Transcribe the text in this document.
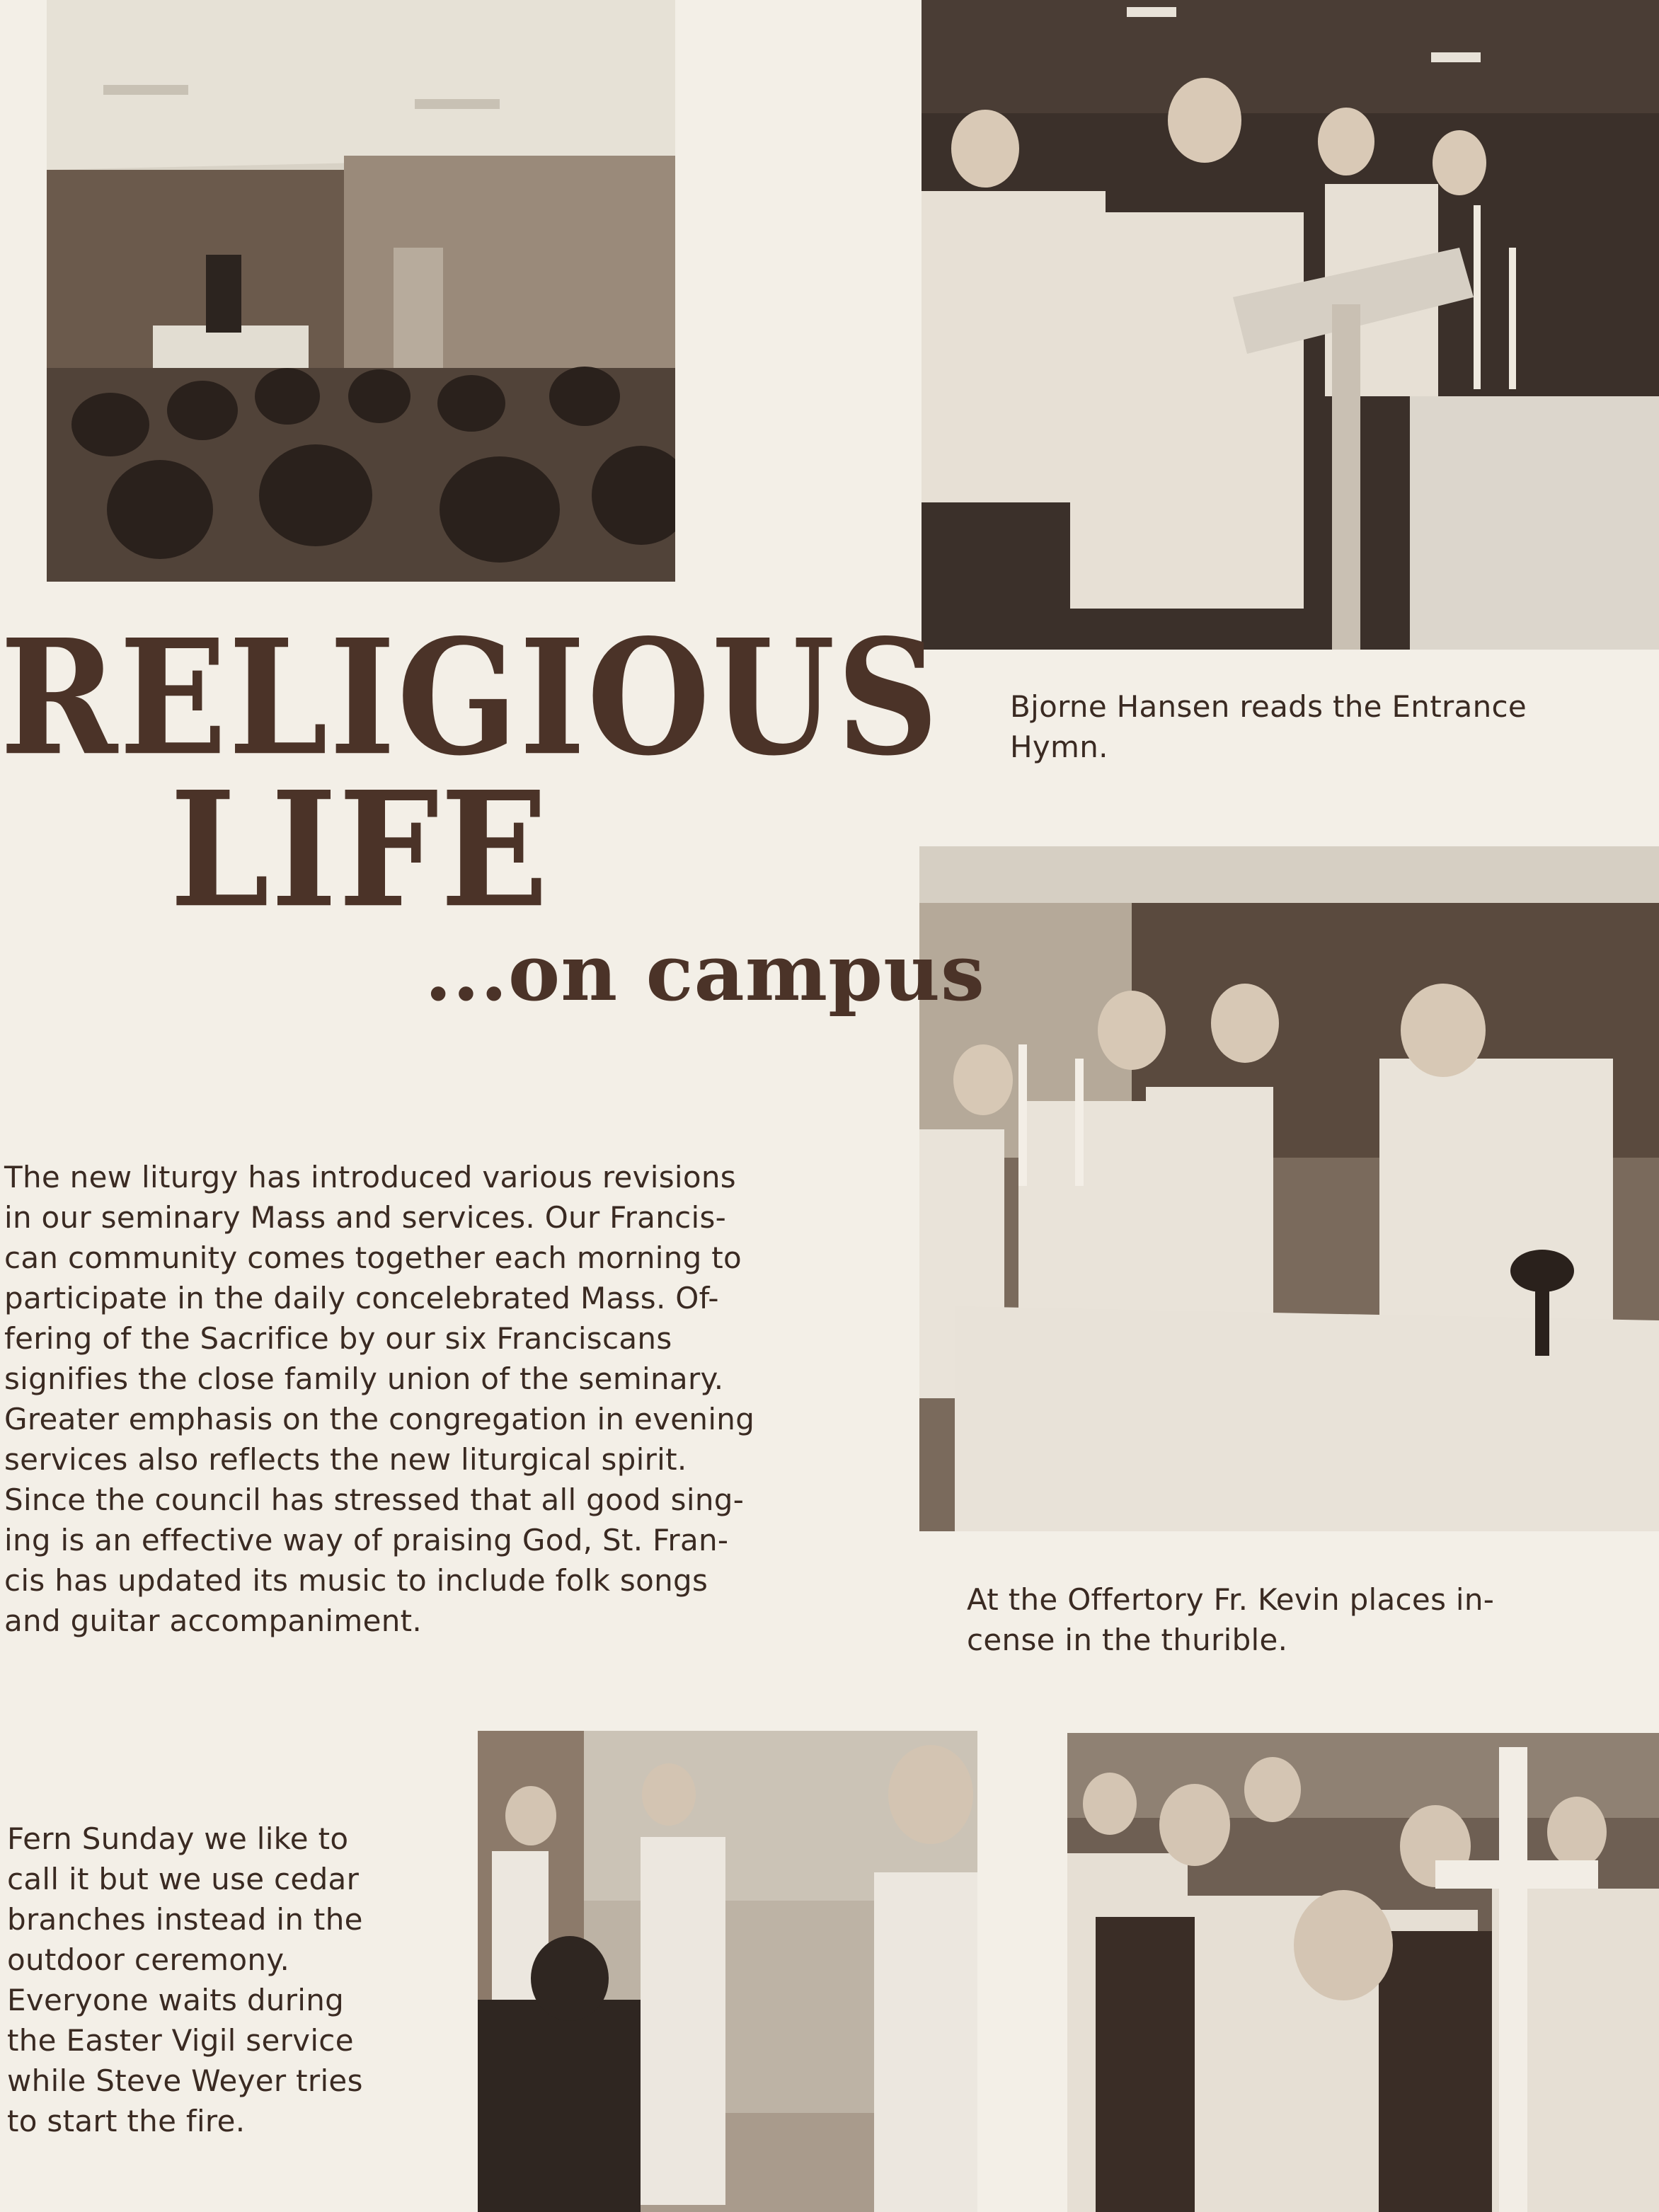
RELIGIOUS
LIFE
...on campus
The new liturgy has introduced various revisions
in our seminary Mass and services. Our Francis-
can community comes together each morning to
participate in the daily concelebrated Mass. Of-
fering of the Sacrifice by our six Franciscans
signifies the close family union of the seminary.
Greater emphasis on the congregation in evening
services also reflects the new liturgical spirit.
Since the council has stressed that all good sing-
ing is an effective way of praising God, St. Fran-
cis has updated its music to include folk songs
and guitar accompaniment.
Bjorne Hansen reads the Entrance
Hymn.
At the Offertory Fr. Kevin places in-
cense in the thurible.
Fern Sunday we like to
call it but we use cedar
branches instead in the
outdoor ceremony.
Everyone waits during
the Easter Vigil service
while Steve Weyer tries
to start the fire.
